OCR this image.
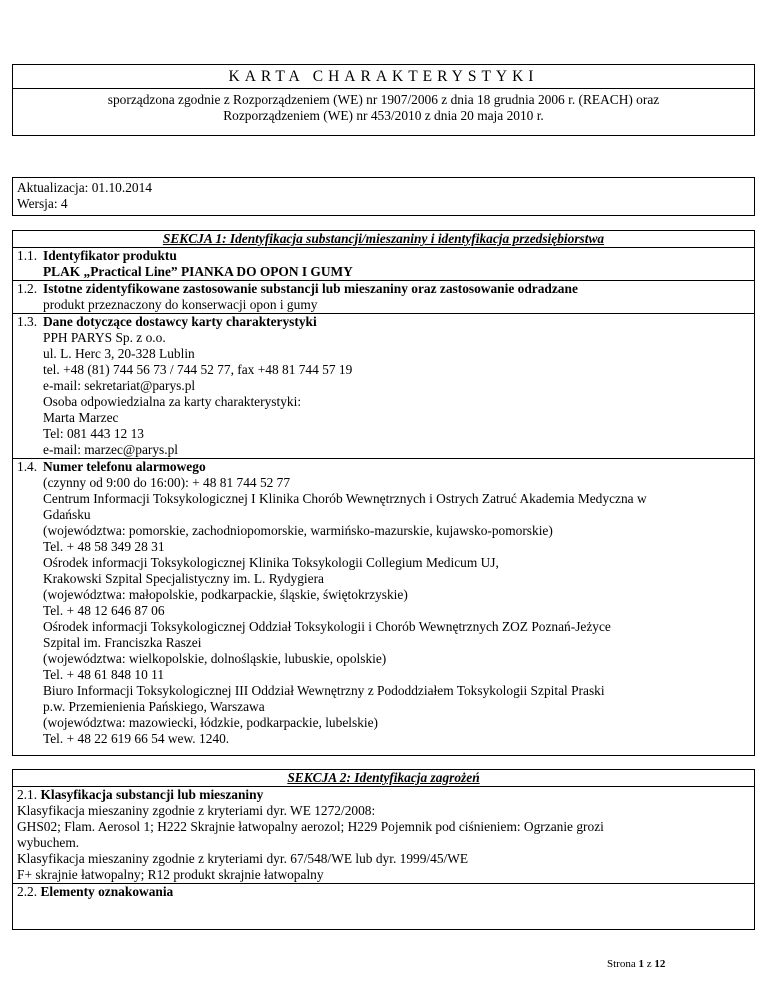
KARTA CHARAKTERYSTYKI
sporządzona zgodnie z Rozporządzeniem (WE) nr 1907/2006 z dnia 18 grudnia 2006 r. (REACH) oraz
Rozporządzeniem (WE) nr 453/2010 z dnia 20 maja 2010 r.
Aktualizacja: 01.10.2014
Wersja: 4
SEKCJA 1: Identyfikacja substancji/mieszaniny i identyfikacja przedsiębiorstwa
1.1. Identyfikator produktu
PLAK „Practical Line” PIANKA DO OPON I GUMY
1.2. Istotne zidentyfikowane zastosowanie substancji lub mieszaniny oraz zastosowanie odradzane
produkt przeznaczony do konserwacji opon i gumy
1.3. Dane dotyczące dostawcy karty charakterystyki
PPH PARYS Sp. z o.o.
ul. L. Herc 3, 20-328 Lublin
tel. +48 (81) 744 56 73 / 744 52 77, fax +48 81 744 57 19
e-mail: sekretariat@parys.pl
Osoba odpowiedzialna za karty charakterystyki:
Marta Marzec
Tel: 081 443 12 13
e-mail: marzec@parys.pl
1.4. Numer telefonu alarmowego
(czynny od 9:00 do 16:00): + 48 81 744 52 77
Centrum Informacji Toksykologicznej I Klinika Chorób Wewnętrznych i Ostrych Zatruć Akademia Medyczna w
Gdańsku
(województwa: pomorskie, zachodniopomorskie, warmińsko-mazurskie, kujawsko-pomorskie)
Tel. + 48 58 349 28 31
Ośrodek informacji Toksykologicznej Klinika Toksykologii Collegium Medicum UJ,
Krakowski Szpital Specjalistyczny im. L. Rydygiera
(województwa: małopolskie, podkarpackie, śląskie, świętokrzyskie)
Tel. + 48 12 646 87 06
Ośrodek informacji Toksykologicznej Oddział Toksykologii i Chorób Wewnętrznych ZOZ Poznań-Jeżyce
Szpital im. Franciszka Raszei
(województwa: wielkopolskie, dolnośląskie, lubuskie, opolskie)
Tel. + 48 61 848 10 11
Biuro Informacji Toksykologicznej III Oddział Wewnętrzny z Pododdziałem Toksykologii Szpital Praski
p.w. Przemienienia Pańskiego, Warszawa
(województwa: mazowiecki, łódzkie, podkarpackie, lubelskie)
Tel. + 48 22 619 66 54 wew. 1240.
SEKCJA 2: Identyfikacja zagrożeń
2.1. Klasyfikacja substancji lub mieszaniny
Klasyfikacja mieszaniny zgodnie z kryteriami dyr. WE 1272/2008:
GHS02; Flam. Aerosol 1; H222 Skrajnie łatwopalny aerozol; H229 Pojemnik pod ciśnieniem: Ogrzanie grozi
wybuchem.
Klasyfikacja mieszaniny zgodnie z kryteriami dyr. 67/548/WE lub dyr. 1999/45/WE
F+ skrajnie łatwopalny; R12 produkt skrajnie łatwopalny
2.2. Elementy oznakowania
Strona 1 z 12
